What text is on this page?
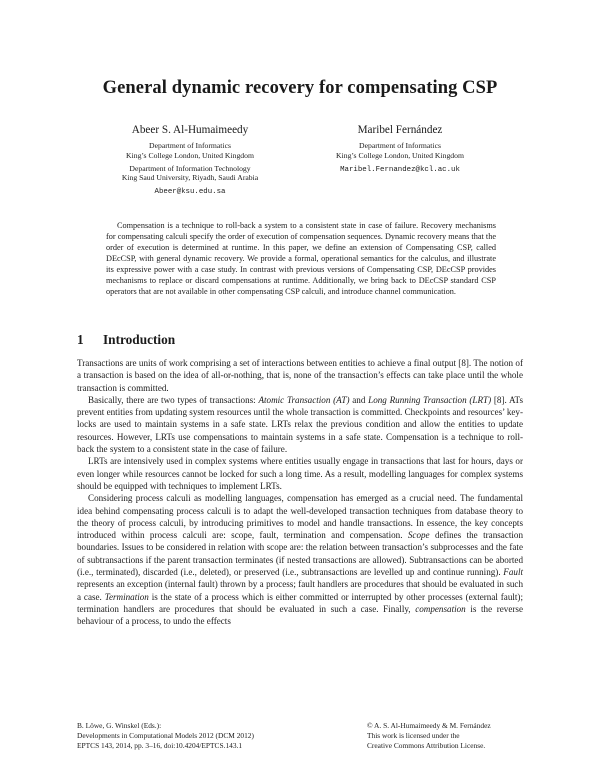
General dynamic recovery for compensating CSP
Abeer S. Al-Humaimeedy
Department of Informatics
King’s College London, United Kingdom
Department of Information Technology
King Saud University, Riyadh, Saudi Arabia
Abeer@ksu.edu.sa
Maribel Fernández
Department of Informatics
King’s College London, United Kingdom
Maribel.Fernandez@kcl.ac.uk
Compensation is a technique to roll-back a system to a consistent state in case of failure. Recovery mechanisms for compensating calculi specify the order of execution of compensation sequences. Dynamic recovery means that the order of execution is determined at runtime. In this paper, we define an extension of Compensating CSP, called DEcCSP, with general dynamic recovery. We provide a formal, operational semantics for the calculus, and illustrate its expressive power with a case study. In contrast with previous versions of Compensating CSP, DEcCSP provides mechanisms to replace or discard compensations at runtime. Additionally, we bring back to DEcCSP standard CSP operators that are not available in other compensating CSP calculi, and introduce channel communication.
1 Introduction

Transactions are units of work comprising a set of interactions between entities to achieve a final output [8]. The notion of a transaction is based on the idea of all-or-nothing, that is, none of the transaction’s effects can take place until the whole transaction is committed.

Basically, there are two types of transactions: Atomic Transaction (AT) and Long Running Transaction (LRT) [8]. ATs prevent entities from updating system resources until the whole transaction is committed. Checkpoints and resources’ key-locks are used to maintain systems in a safe state. LRTs relax the previous condition and allow the entities to update resources. However, LRTs use compensations to maintain systems in a safe state. Compensation is a technique to roll-back the system to a consistent state in the case of failure.

LRTs are intensively used in complex systems where entities usually engage in transactions that last for hours, days or even longer while resources cannot be locked for such a long time. As a result, modelling languages for complex systems should be equipped with techniques to implement LRTs.

Considering process calculi as modelling languages, compensation has emerged as a crucial need. The fundamental idea behind compensating process calculi is to adapt the well-developed transaction techniques from database theory to the theory of process calculi, by introducing primitives to model and handle transactions. In essence, the key concepts introduced within process calculi are: scope, fault, termination and compensation. Scope defines the transaction boundaries. Issues to be considered in relation with scope are: the relation between transaction’s subprocesses and the fate of subtransactions if the parent transaction terminates (if nested transactions are allowed). Subtransactions can be aborted (i.e., terminated), discarded (i.e., deleted), or preserved (i.e., subtransactions are levelled up and continue running). Fault represents an exception (internal fault) thrown by a process; fault handlers are procedures that should be evaluated in such a case. Termination is the state of a process which is either committed or interrupted by other processes (external fault); termination handlers are procedures that should be evaluated in such a case. Finally, compensation is the reverse behaviour of a process, to undo the effects

B. Löwe, G. Winskel (Eds.):
Developments in Computational Models 2012 (DCM 2012)
EPTCS 143, 2014, pp. 3–16, doi:10.4204/EPTCS.143.1
© A. S. Al-Humaimeedy & M. Fernández
This work is licensed under the
Creative Commons Attribution License.
